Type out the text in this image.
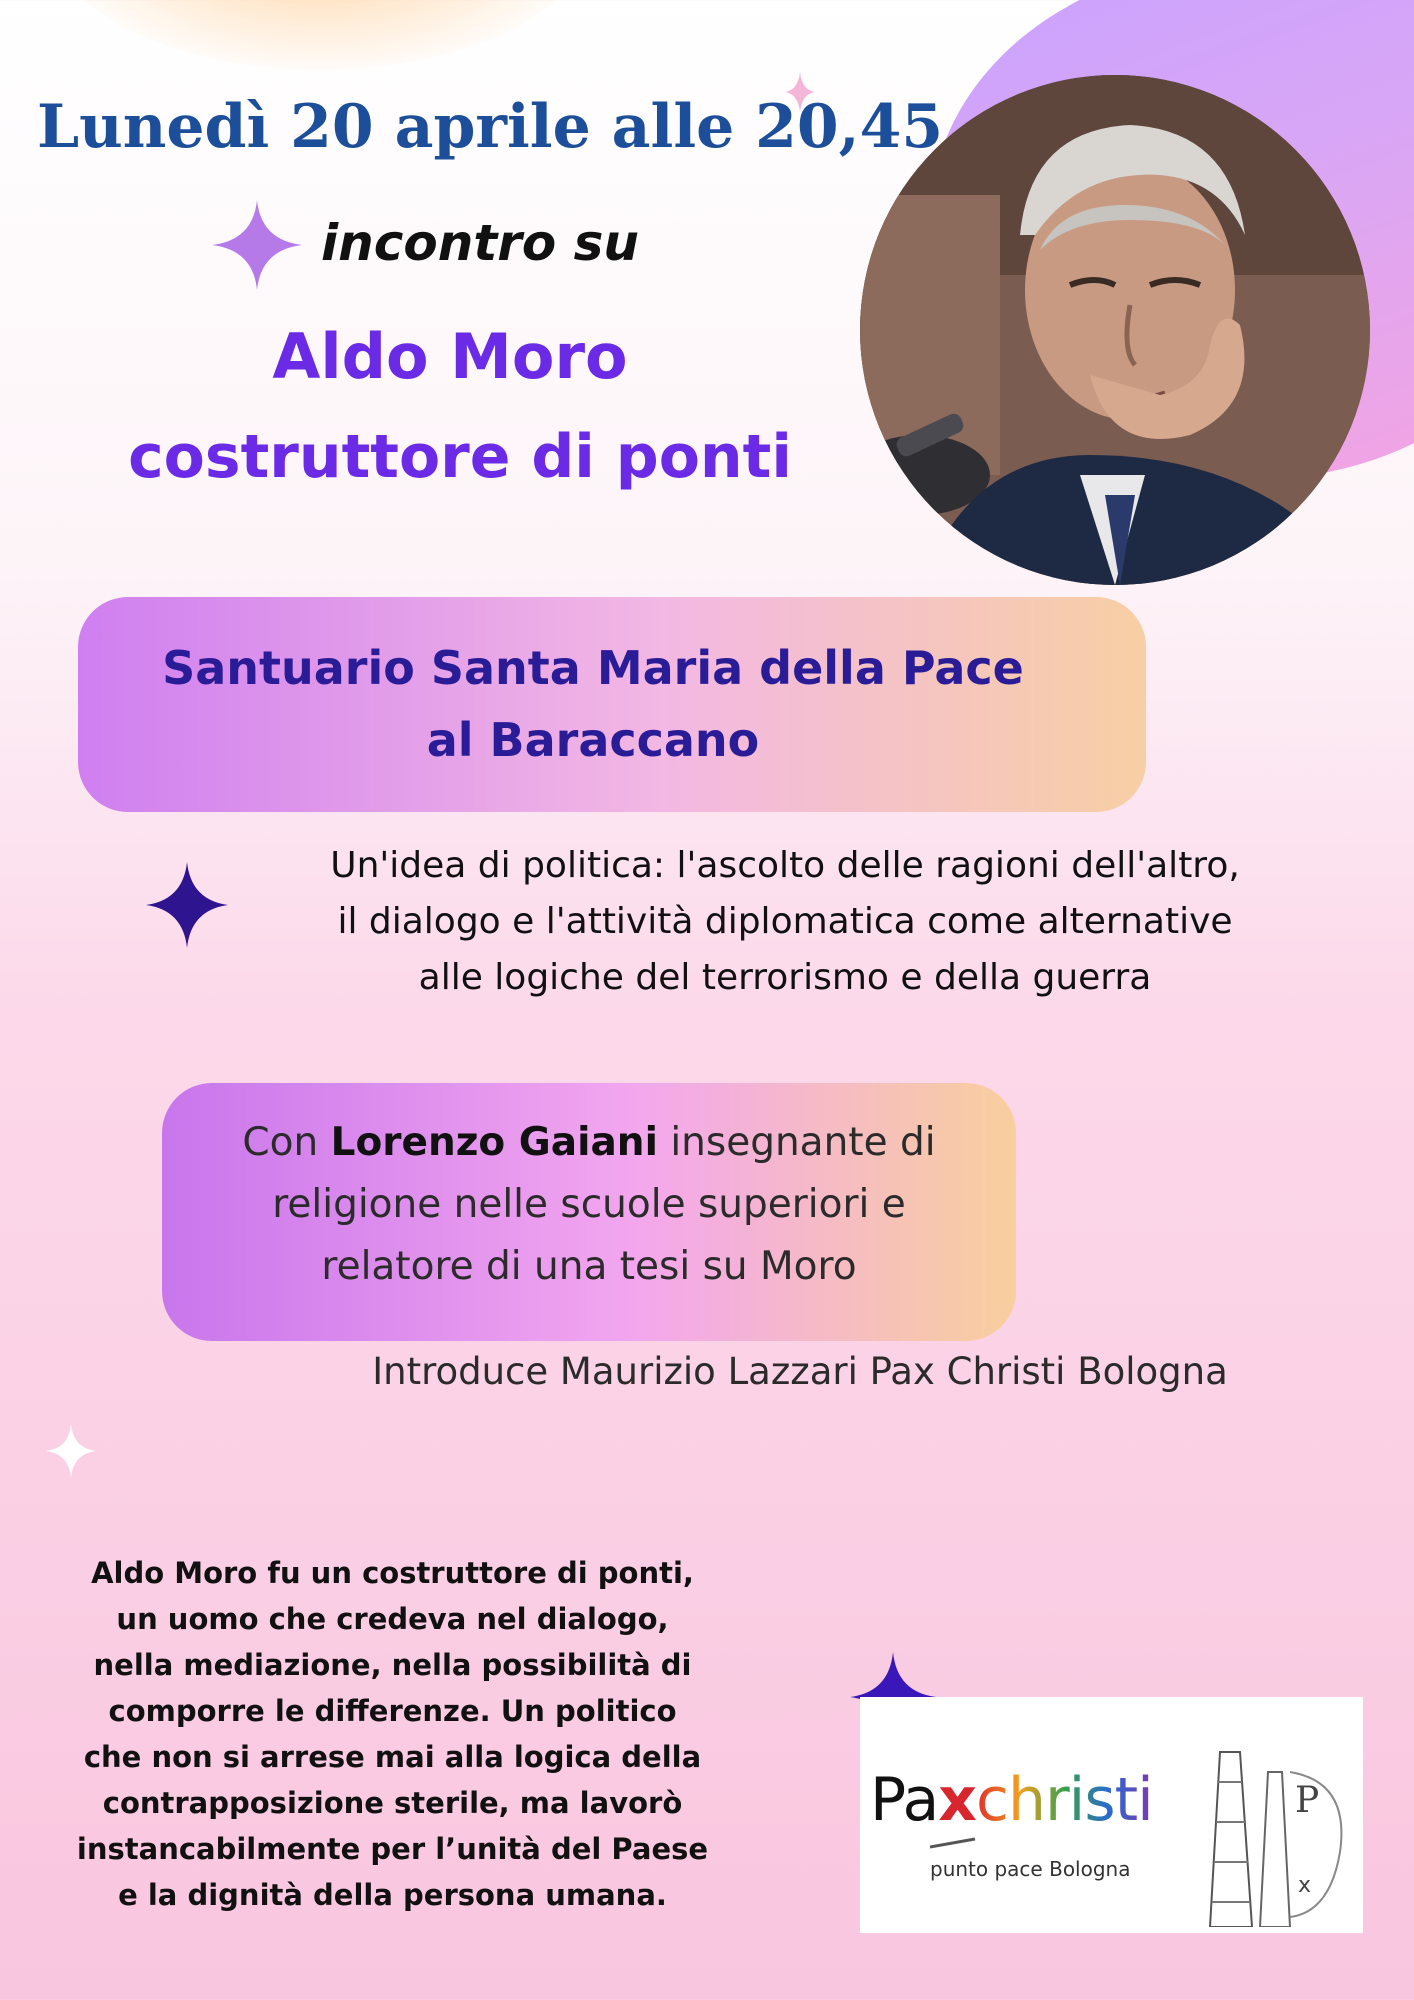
Lunedì 20 aprile alle 20,45
incontro su
Aldo Moro
costruttore di ponti
Santuario Santa Maria della Pace
al Baraccano
Un'idea di politica: l'ascolto delle ragioni dell'altro,
il dialogo e l'attività diplomatica come alternative
alle logiche del terrorismo e della guerra
Con Lorenzo Gaiani insegnante di
religione nelle scuole superiori e
relatore di una tesi su Moro
Introduce Maurizio Lazzari Pax Christi Bologna
Aldo Moro fu un costruttore di ponti,
un uomo che credeva nel dialogo,
nella mediazione, nella possibilità di
comporre le differenze. Un politico
che non si arrese mai alla logica della
contrapposizione sterile, ma lavorò
instancabilmente per l’unità del Paese
e la dignità della persona umana.
Paxchristi
punto pace Bologna
P
x
